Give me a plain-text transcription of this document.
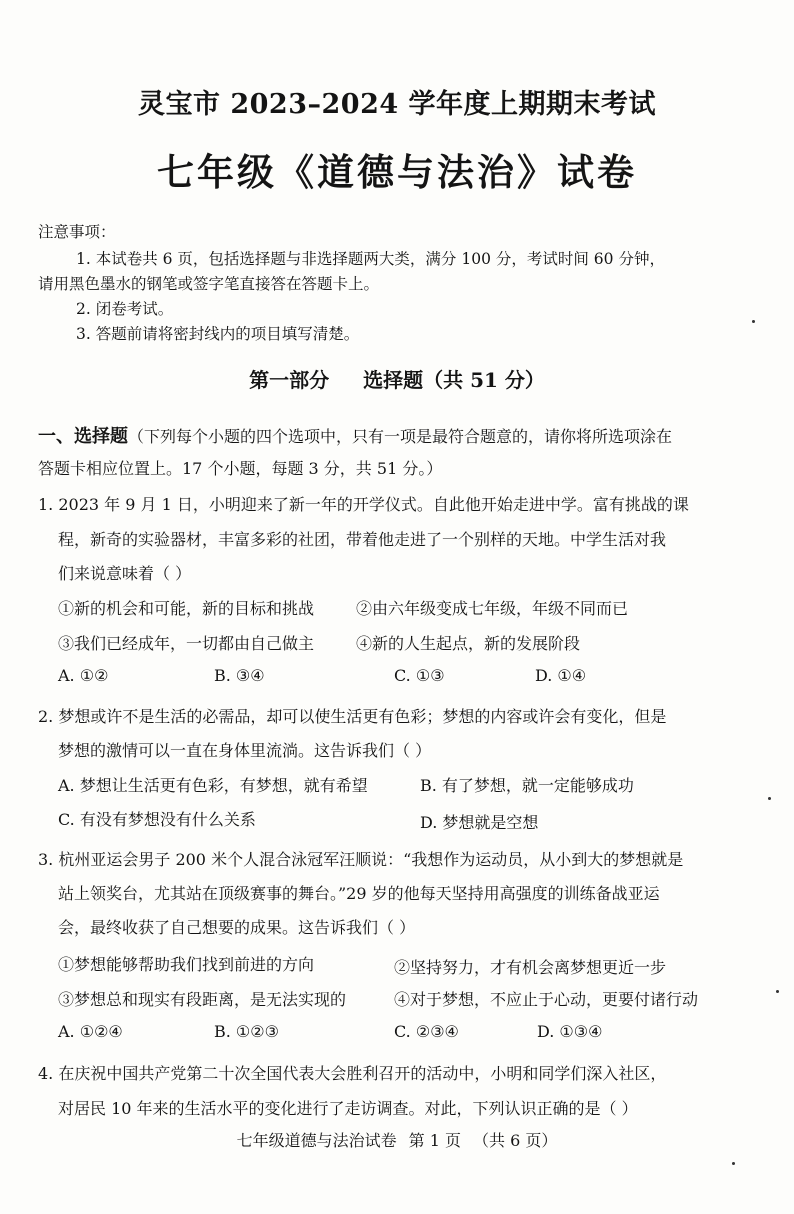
灵宝市 2023–2024 学年度上期期末考试
七年级《道德与法治》试卷
注意事项：
1. 本试卷共 6 页，包括选择题与非选择题两大类，满分 100 分，考试时间 60 分钟，
请用黑色墨水的钢笔或签字笔直接答在答题卡上。
2. 闭卷考试。
3. 答题前请将密封线内的项目填写清楚。
第一部分 选择题（共 51 分）
一、选择题（下列每个小题的四个选项中，只有一项是最符合题意的，请你将所选项涂在
答题卡相应位置上。17 个小题，每题 3 分，共 51 分。）
1. 2023 年 9 月 1 日，小明迎来了新一年的开学仪式。自此他开始走进中学。富有挑战的课
程，新奇的实验器材，丰富多彩的社团，带着他走进了一个别样的天地。中学生活对我
们来说意味着（ ）
①新的机会和可能，新的目标和挑战	②由六年级变成七年级，年级不同而已
③我们已经成年，一切都由自己做主	④新的人生起点，新的发展阶段
A. ①②	B. ③④	C. ①③	D. ①④
2. 梦想或许不是生活的必需品，却可以使生活更有色彩；梦想的内容或许会有变化，但是
梦想的激情可以一直在身体里流淌。这告诉我们（ ）
A. 梦想让生活更有色彩，有梦想，就有希望	B. 有了梦想，就一定能够成功
C. 有没有梦想没有什么关系	D. 梦想就是空想
3. 杭州亚运会男子 200 米个人混合泳冠军汪顺说：“我想作为运动员，从小到大的梦想就是
站上领奖台，尤其站在顶级赛事的舞台。”29 岁的他每天坚持用高强度的训练备战亚运
会，最终收获了自己想要的成果。这告诉我们（ ）
①梦想能够帮助我们找到前进的方向	②坚持努力，才有机会离梦想更近一步
③梦想总和现实有段距离，是无法实现的	④对于梦想，不应止于心动，更要付诸行动
A. ①②④	B. ①②③	C. ②③④	D. ①③④
4. 在庆祝中国共产党第二十次全国代表大会胜利召开的活动中，小明和同学们深入社区，
对居民 10 年来的生活水平的变化进行了走访调查。对此，下列认识正确的是（ ）
七年级道德与法治试卷 第 1 页 （共 6 页）
